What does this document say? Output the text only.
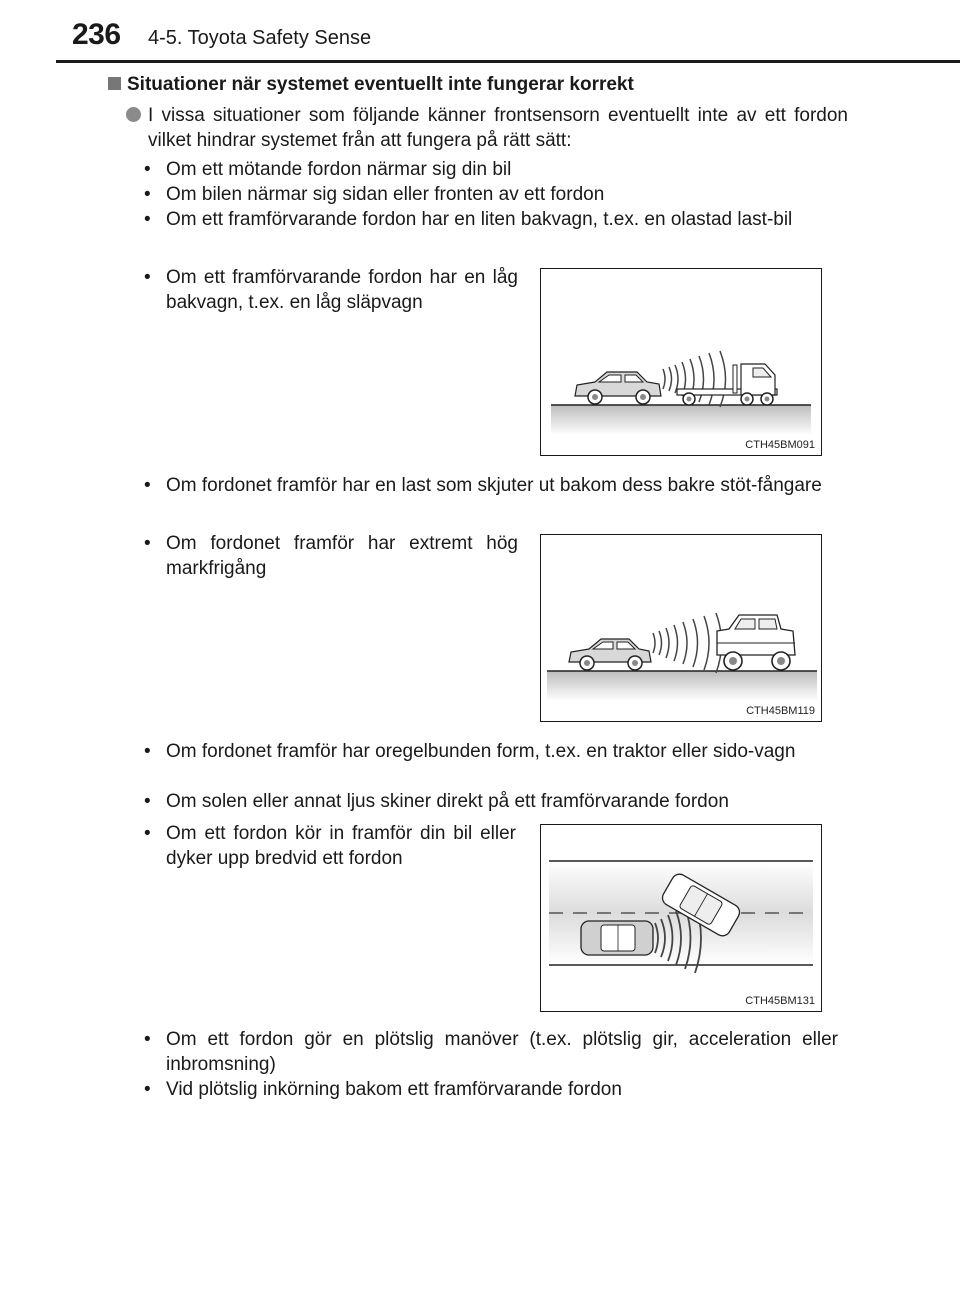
236 4-5. Toyota Safety Sense
Situationer när systemet eventuellt inte fungerar korrekt
I vissa situationer som följande känner frontsensorn eventuellt inte av ett fordon vilket hindrar systemet från att fungera på rätt sätt:
• Om ett mötande fordon närmar sig din bil
• Om bilen närmar sig sidan eller fronten av ett fordon
• Om ett framförvarande fordon har en liten bakvagn, t.ex. en olastad last-bil
• Om ett framförvarande fordon har en låg bakvagn, t.ex. en låg släpvagn
CTH45BM091
• Om fordonet framför har en last som skjuter ut bakom dess bakre stöt-fångare
• Om fordonet framför har extremt hög markfrigång
CTH45BM119
• Om fordonet framför har oregelbunden form, t.ex. en traktor eller sido-vagn
• Om solen eller annat ljus skiner direkt på ett framförvarande fordon
• Om ett fordon kör in framför din bil eller dyker upp bredvid ett fordon
CTH45BM131
• Om ett fordon gör en plötslig manöver (t.ex. plötslig gir, acceleration eller inbromsning)
• Vid plötslig inkörning bakom ett framförvarande fordon
